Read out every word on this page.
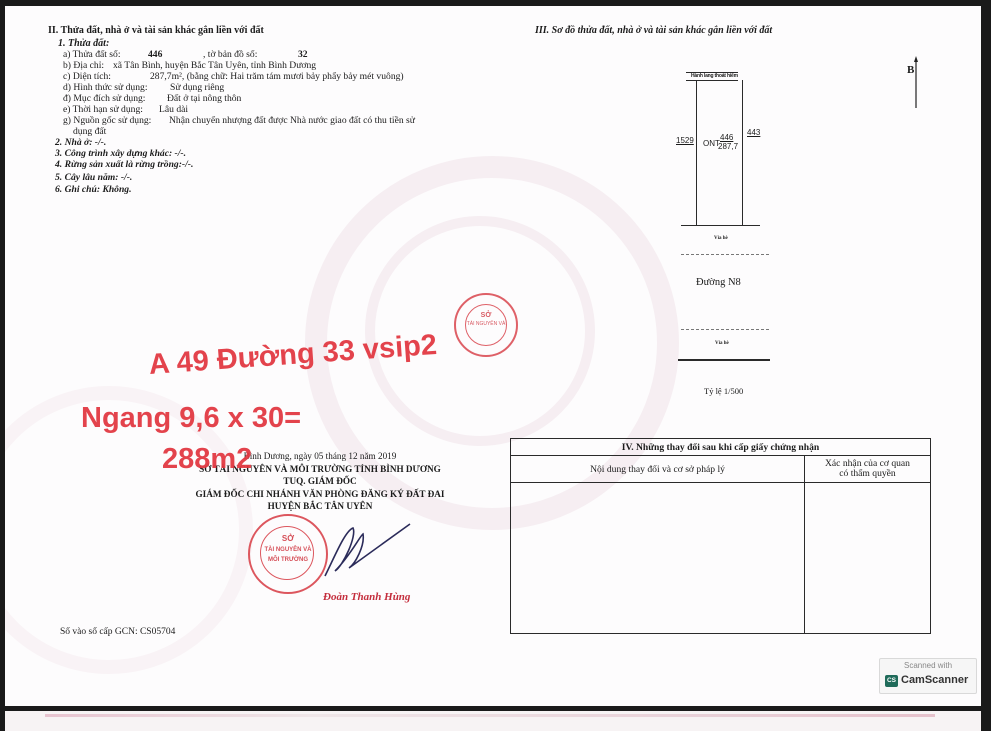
II. Thửa đất, nhà ở và tài sản khác gắn liền với đất
1. Thửa đất:
a) Thửa đất số:	446	, tờ bản đồ số:	32
b) Địa chỉ: xã Tân Bình, huyện Bắc Tân Uyên, tỉnh Bình Dương
c) Diện tích:	287,7m², (bằng chữ: Hai trăm tám mươi bảy phẩy bảy mét vuông)
d) Hình thức sử dụng: Sử dụng riêng
đ) Mục đích sử dụng: Đất ở tại nông thôn
e) Thời hạn sử dụng: Lâu dài
g) Nguồn gốc sử dụng: Nhận chuyển nhượng đất được Nhà nước giao đất có thu tiền sử
dụng đất
2. Nhà ở: -/-.
3. Công trình xây dựng khác: -/-.
4. Rừng sản xuất là rừng trồng:-/-.
5. Cây lâu năm: -/-.
6. Ghi chú: Không.
III. Sơ đồ thửa đất, nhà ở và tài sản khác gắn liền với đất
B
Hành lang thoát hiểm
1529
443
ONT
446
287,7
Vỉa hè
Đường N8
Vỉa hè
Tỷ lệ 1/500
IV. Những thay đổi sau khi cấp giấy chứng nhận	
Nội dung thay đổi và cơ sở pháp lý	Xác nhận của cơ quan
có thẩm quyền

SỞ
TÀI NGUYÊN VÀ
Bình Dương, ngày 05 tháng 12 năm 2019
SỞ TÀI NGUYÊN VÀ MÔI TRƯỜNG TỈNH BÌNH DƯƠNG
TUQ. GIÁM ĐỐC
GIÁM ĐỐC CHI NHÁNH VĂN PHÒNG ĐĂNG KÝ ĐẤT ĐAI
HUYỆN BẮC TÂN UYÊN
SỞ
TÀI NGUYÊN VÀ
MÔI TRƯỜNG
Đoàn Thanh Hùng
Số vào sổ cấp GCN: CS05704
A 49 Đường 33 vsip2
Ngang 9,6 x 30=
288m2
Scanned with
CS CamScanner
